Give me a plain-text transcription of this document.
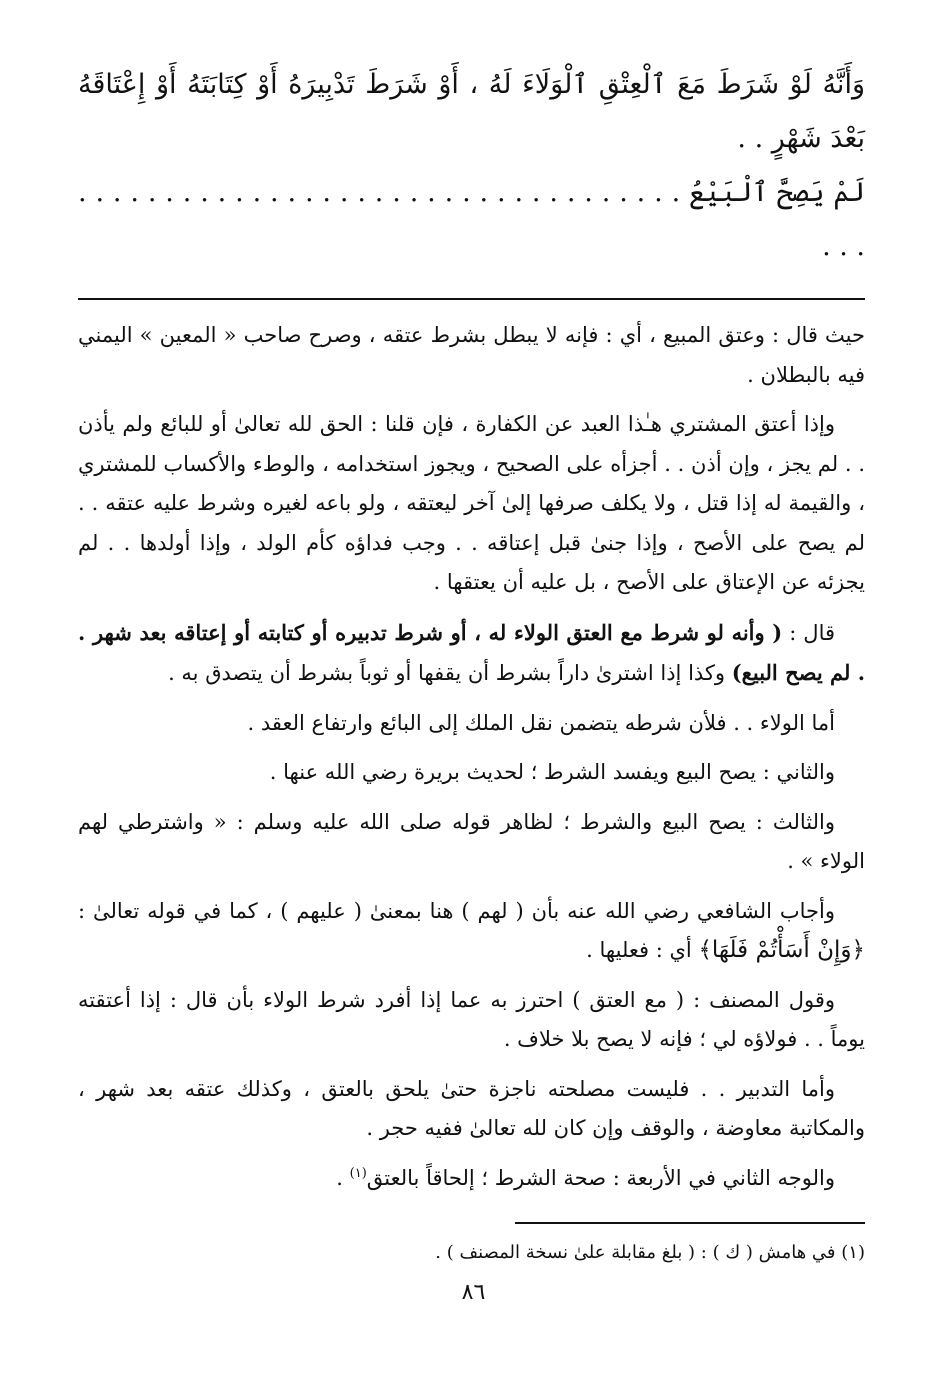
وَأَنَّهُ لَوْ شَرَطَ مَعَ ٱلْعِتْقِ ٱلْوَلَاءَ لَهُ ، أَوْ شَرَطَ تَدْبِيرَهُ أَوْ كِتَابَتَهُ أَوْ إِعْتَاقَهُ بَعْدَ شَهْرٍ . .

لَمْ يَصِحَّ ٱلْبَيْعُ . . . . . . . . . . . . . . . . . . . . . . . . . . . . . . . . . . . . . .

حيث قال : وعتق المبيع ، أي : فإنه لا يبطل بشرط عتقه ، وصرح صاحب « المعين » اليمني فيه بالبطلان .

وإذا أعتق المشتري هـٰذا العبد عن الكفارة ، فإن قلنا : الحق لله تعالىٰ أو للبائع ولم يأذن . . لم يجز ، وإن أذن . . أجزأه على الصحيح ، ويجوز استخدامه ، والوطء والأكساب للمشتري ، والقيمة له إذا قتل ، ولا يكلف صرفها إلىٰ آخر ليعتقه ، ولو باعه لغيره وشرط عليه عتقه . . لم يصح على الأصح ، وإذا جنىٰ قبل إعتاقه . . وجب فداؤه كأم الولد ، وإذا أولدها . . لم يجزئه عن الإعتاق على الأصح ، بل عليه أن يعتقها .

قال : ( وأنه لو شرط مع العتق الولاء له ، أو شرط تدبيره أو كتابته أو إعتاقه بعد شهر . . لم يصح البيع) وكذا إذا اشترىٰ داراً بشرط أن يقفها أو ثوباً بشرط أن يتصدق به .

أما الولاء . . فلأن شرطه يتضمن نقل الملك إلى البائع وارتفاع العقد .

والثاني : يصح البيع ويفسد الشرط ؛ لحديث بريرة رضي الله عنها .

والثالث : يصح البيع والشرط ؛ لظاهر قوله صلى الله عليه وسلم : « واشترطي لهم الولاء » .

وأجاب الشافعي رضي الله عنه بأن ( لهم ) هنا بمعنىٰ ( عليهم ) ، كما في قوله تعالىٰ : ﴿وَإِنْ أَسَأْتُمْ فَلَهَا﴾ أي : فعليها .

وقول المصنف : ( مع العتق ) احترز به عما إذا أفرد شرط الولاء بأن قال : إذا أعتقته يوماً . . فولاؤه لي ؛ فإنه لا يصح بلا خلاف .

وأما التدبير . . فليست مصلحته ناجزة حتىٰ يلحق بالعتق ، وكذلك عتقه بعد شهر ، والمكاتبة معاوضة ، والوقف وإن كان لله تعالىٰ ففيه حجر .

والوجه الثاني في الأربعة : صحة الشرط ؛ إلحاقاً بالعتق$^{(١)}$ .

(١) في هامش ( ك ) : ( بلغ مقابلة علىٰ نسخة المصنف ) .
٨٦
